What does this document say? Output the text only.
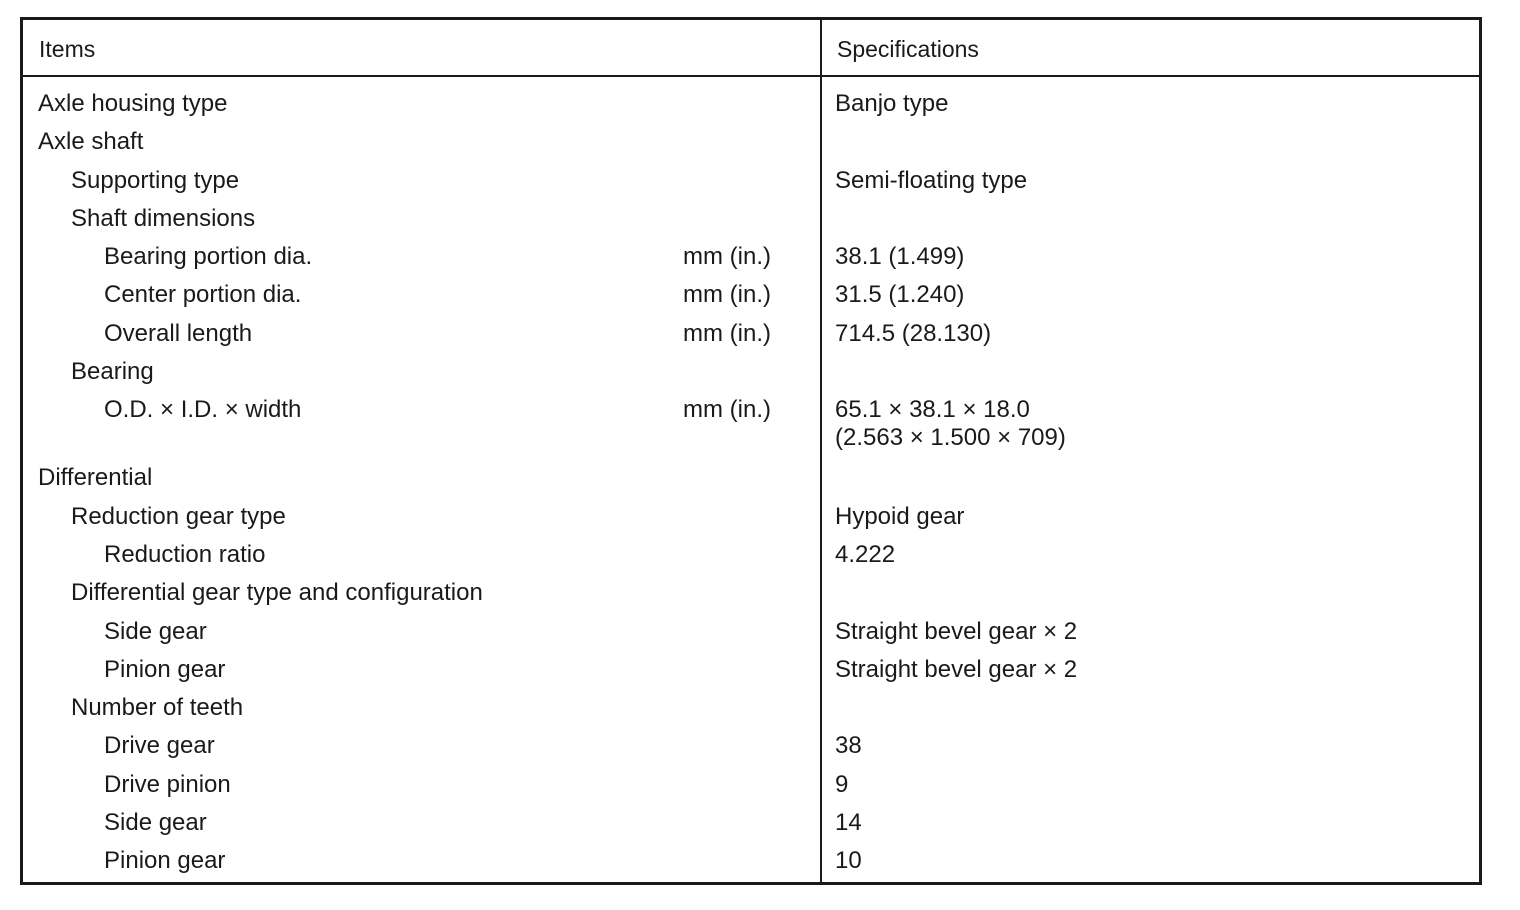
Items	Specifications
Axle housing type	Banjo type
Axle shaft
Supporting type	Semi-floating type
Shaft dimensions
Bearing portion dia.	mm (in.)	38.1 (1.499)
Center portion dia.	mm (in.)	31.5 (1.240)
Overall length	mm (in.)	714.5 (28.130)
Bearing
O.D. × I.D. × width	mm (in.)	65.1 × 38.1 × 18.0
(2.563 × 1.500 × 709)
Differential
Reduction gear type	Hypoid gear
Reduction ratio	4.222
Differential gear type and configuration
Side gear	Straight bevel gear × 2
Pinion gear	Straight bevel gear × 2
Number of teeth
Drive gear	38
Drive pinion	9
Side gear	14
Pinion gear	10
